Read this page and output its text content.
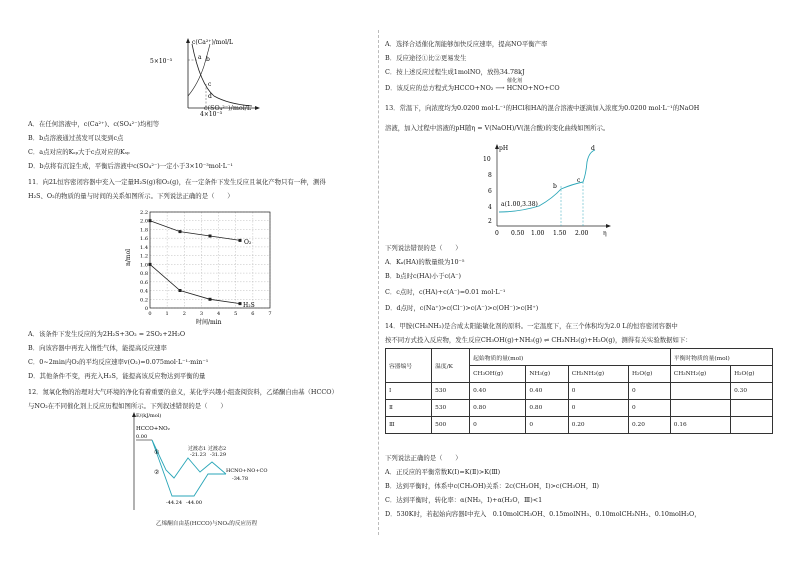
c(Ca²⁺)/mol/L
5×10⁻³
4×10⁻³
a b
c
d
c(SO₄²⁻)/mol/L
A．在任何溶液中，c(Ca²⁺)、c(SO₄²⁻)均相等
B．b点溶液通过蒸发可以变到c点
C．a点对应的Kₛₚ大于c点对应的Kₛₚ
D．b点将有沉淀生成，平衡后溶液中c(SO₄²⁻)一定小于3×10⁻³mol·L⁻¹
11．向2L恒容密闭容器中充入一定量H₂S(g)和O₂(g)，在一定条件下发生反应且氧化产物只有一种，测得
H₂S、O₂的物质的量与时间的关系如图所示。下列说法正确的是（　　）
2.2
2.0
1.8
1.6
1.4
1.2
1.0
0.8
0.6
0.4
0.2
0
0	1	2	3	4	5	6	7
O₂
H₂S
n/mol
时间/min
A．该条件下发生反应的为2H₂S+3O₂ = 2SO₂+2H₂O
B．向该容器中再充入惰性气体，能提高反应速率
C．0~2min内O₂的平均反应速率v(O₂)=0.075mol·L⁻¹·min⁻¹
D．其他条件不变，再充入H₂S，能提高该反应物达到平衡的量
12．氮氧化物的治理对大气环境的净化有着重要的意义，某化学兴趣小组查阅资料，乙烯酮自由基（HCCO）
与NO₂在不同催化剂上反应历程如图所示。下列叙述错误的是（　　）
E/(kJ/mol)
HCCO+NO₂
0.00
①
②
过渡态1
-21.23
过渡态2
-31.29
-44.24 -44.00
HCNO+NO+CO
-34.78
乙烯酮自由基(HCCO)与NO₂的反应历程
A．选择合适催化剂能够加快反应速率，提高NO平衡产率
B．反应途径①比②更易发生
C．按上述反应过程生成1molNO，放热34.78kJ
催化剂
D．该反应的总方程式为HCCO+NO₂ ⟶ HCNO+NO+CO
13．常温下，向浓度均为0.0200 mol·L⁻¹的HCl和HA的混合溶液中逐滴加入浓度为0.0200 mol·L⁻¹的NaOH
溶液，加入过程中溶液的pH随η = V(NaOH)/V(混合酸)的变化曲线如图所示。
10
8
6
4
2
0 0.50 1.00 1.50 2.00
pH
η
a(1.00,3.38)
b
c
d
下列说法错误的是（　　）
A．Kₐ(HA)的数量级为10⁻⁵
B．b点时c(HA)小于c(A⁻)
C．c点时，c(HA)+c(A⁻)=0.01 mol·L⁻¹
D．d点时，c(Na⁺)>c(Cl⁻)>c(A⁻)>c(OH⁻)>c(H⁺)
14．甲胺(CH₃NH₂)是合成太阳能敏化剂的原料。一定温度下，在三个体积均为2.0 L的恒容密闭容器中
按不同方式投入反应物，发生反应CH₃OH(g)+NH₃(g) ⇌ CH₃NH₂(g)+H₂O(g)，测得有关实验数据如下：
容器编号	温度/K	起始物质的量(mol)				平衡时物质的量(mol)	
		CH₃OH(g)	NH₃(g)	CH₃NH₂(g)	H₂O(g)	CH₃NH₂(g)	H₂O(g)
Ⅰ	530	0.40	0.40	0	0		0.30
Ⅱ	530	0.80	0.80	0	0		
Ⅲ	500	0	0	0.20	0.20	0.16	
下列说法正确的是（　　）
A．正反应的平衡常数K(Ⅰ)=K(Ⅱ)>K(Ⅲ)
B．达到平衡时，体系中c(CH₃OH)关系：2c(CH₃OH，Ⅰ)>c(CH₃OH，Ⅱ)
C．达到平衡时，转化率：α(NH₃，Ⅰ)+α(H₂O，Ⅲ)<1
D．530K时，若起始向容器Ⅰ中充入　0.10molCH₃OH、0.15molNH₃、0.10molCH₃NH₂、0.10molH₂O，
